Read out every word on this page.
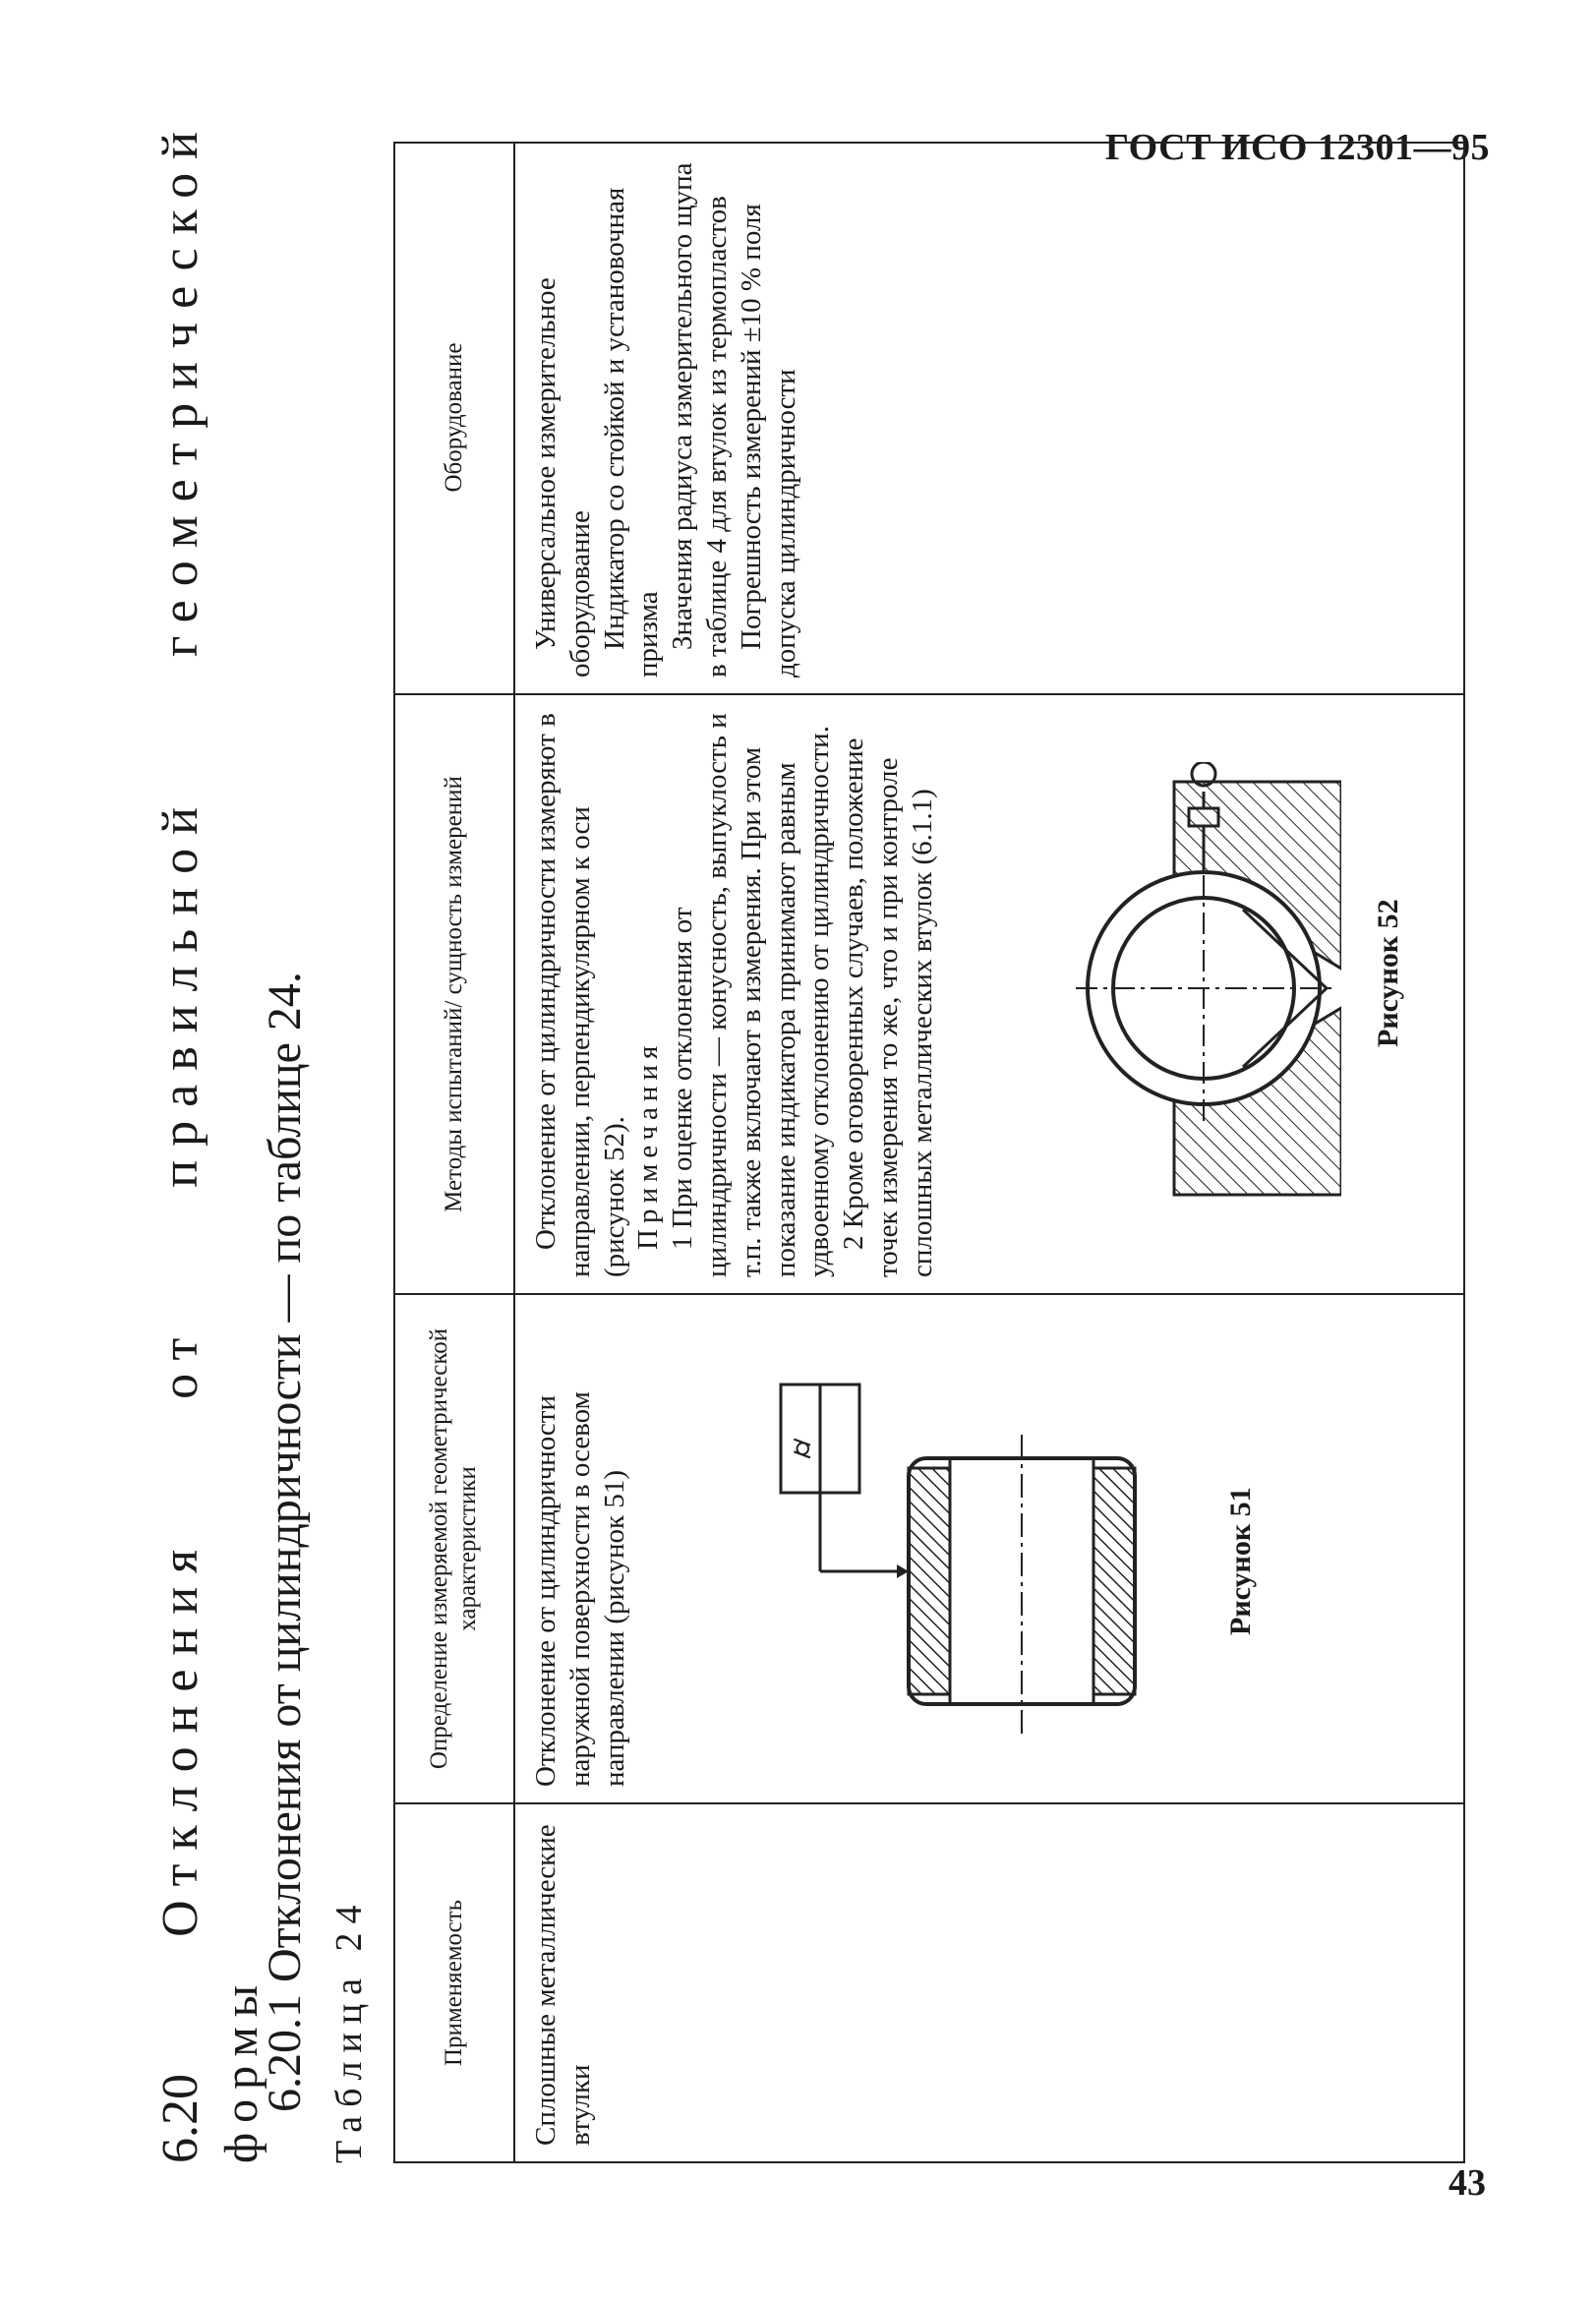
ГОСТ ИСО 12301—95
43
6.20
Отклонения
от
правильной
геометрической
формы
6.20.1 Отклонения от цилиндричности — по таблице 24. Таблица 24	Применяемость	Сплошные металлические втулки

Определение измеряемой геометрической характеристики	Отклонение от цилиндричности наружной поверхности в осевом направлении (рисунок 51)

⌭
Рисунок 51
Методы испытаний/ сущность измерений	Отклонение от цилиндричности измеряют в направлении, перпендикулярном к оси (рисунок 52). Примечания 1 При оценке отклонения от цилиндричности — конусность, выпуклость и т.п. также включают в измерения. При этом показание индикатора принимают равным удвоенному отклонению от цилиндричности. 2 Кроме оговоренных случаев, положение точек измерения то же, что и при контроле сплошных металлических втулок (6.1.1)	Рисунок 52
Оборудование	Универсальное измерительное оборудование Индикатор со стойкой и установочная призма Значения радиуса измерительного щупа в таблице 4 для втулок из термопластов Погрешность измерений ±10 % поля допуска цилиндричности
